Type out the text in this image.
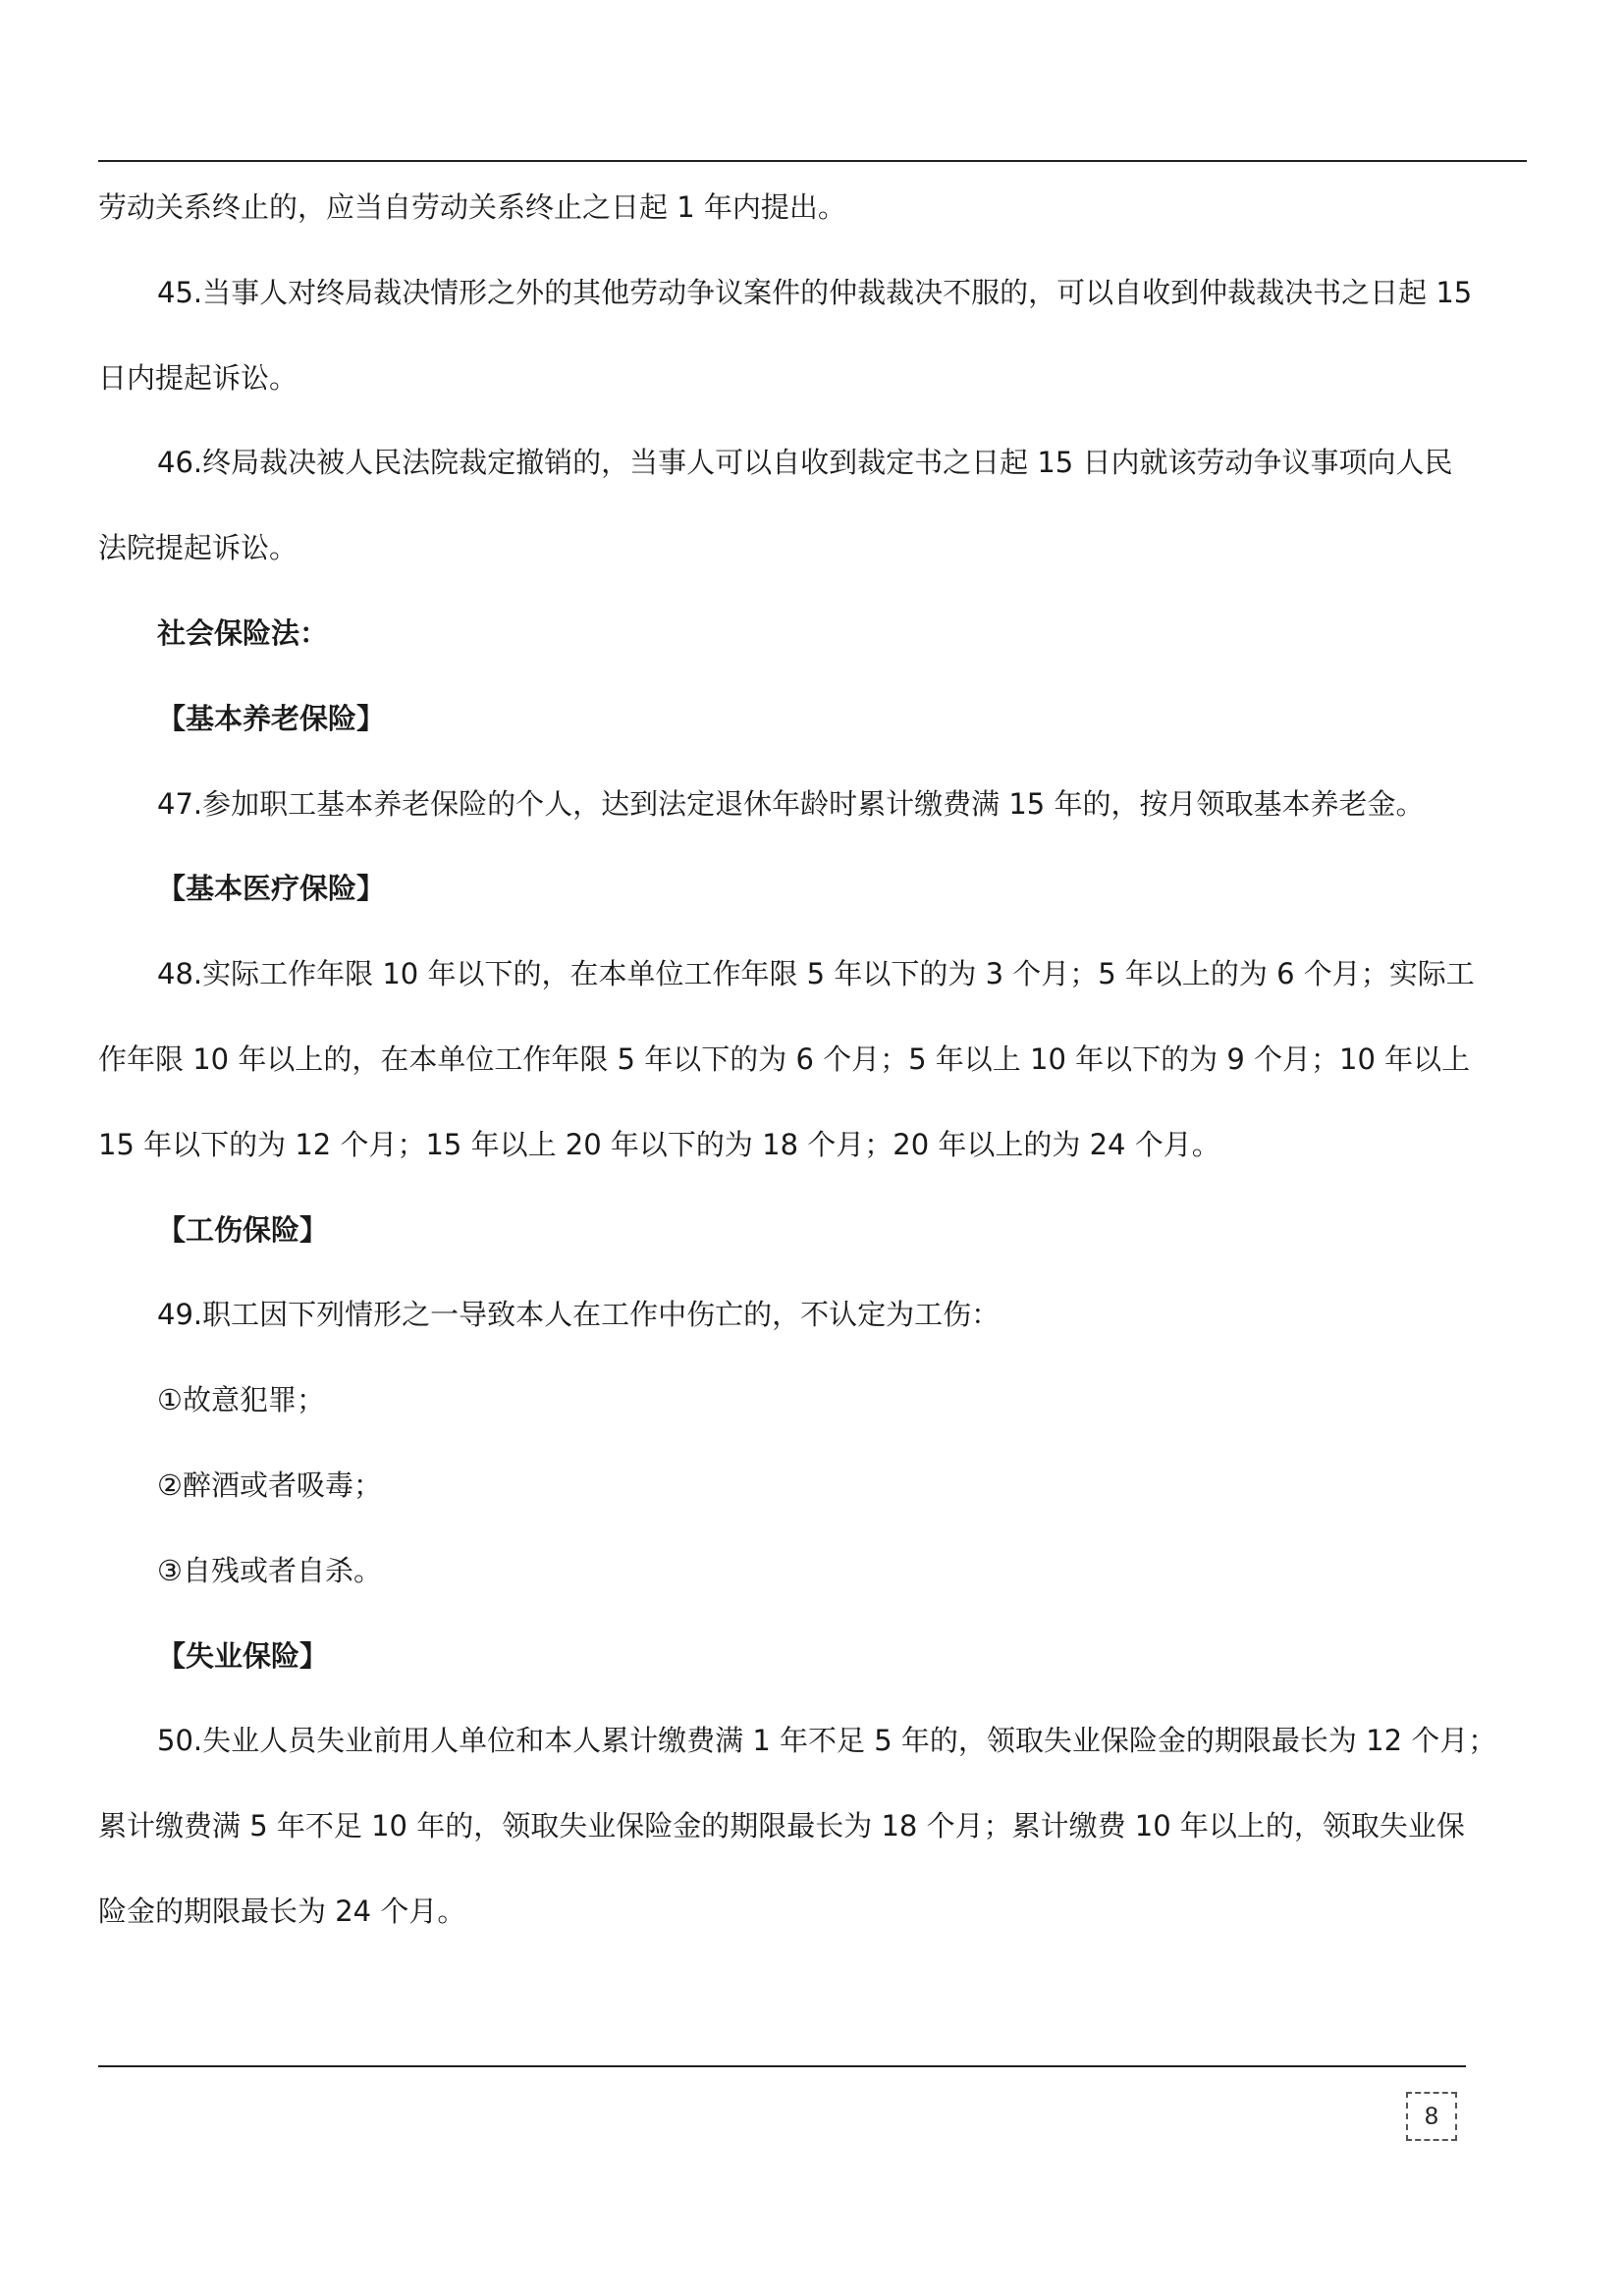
劳动关系终止的，应当自劳动关系终止之日起 1 年内提出。

45.当事人对终局裁决情形之外的其他劳动争议案件的仲裁裁决不服的，可以自收到仲裁裁决书之日起 15

日内提起诉讼。

46.终局裁决被人民法院裁定撤销的，当事人可以自收到裁定书之日起 15 日内就该劳动争议事项向人民

法院提起诉讼。

社会保险法：

【基本养老保险】

47.参加职工基本养老保险的个人，达到法定退休年龄时累计缴费满 15 年的，按月领取基本养老金。

【基本医疗保险】

48.实际工作年限 10 年以下的，在本单位工作年限 5 年以下的为 3 个月；5 年以上的为 6 个月；实际工

作年限 10 年以上的，在本单位工作年限 5 年以下的为 6 个月；5 年以上 10 年以下的为 9 个月；10 年以上

15 年以下的为 12 个月；15 年以上 20 年以下的为 18 个月；20 年以上的为 24 个月。

【工伤保险】

49.职工因下列情形之一导致本人在工作中伤亡的，不认定为工伤：

①故意犯罪；

②醉酒或者吸毒；

③自残或者自杀。

【失业保险】

50.失业人员失业前用人单位和本人累计缴费满 1 年不足 5 年的，领取失业保险金的期限最长为 12 个月；

累计缴费满 5 年不足 10 年的，领取失业保险金的期限最长为 18 个月；累计缴费 10 年以上的，领取失业保

险金的期限最长为 24 个月。

8
